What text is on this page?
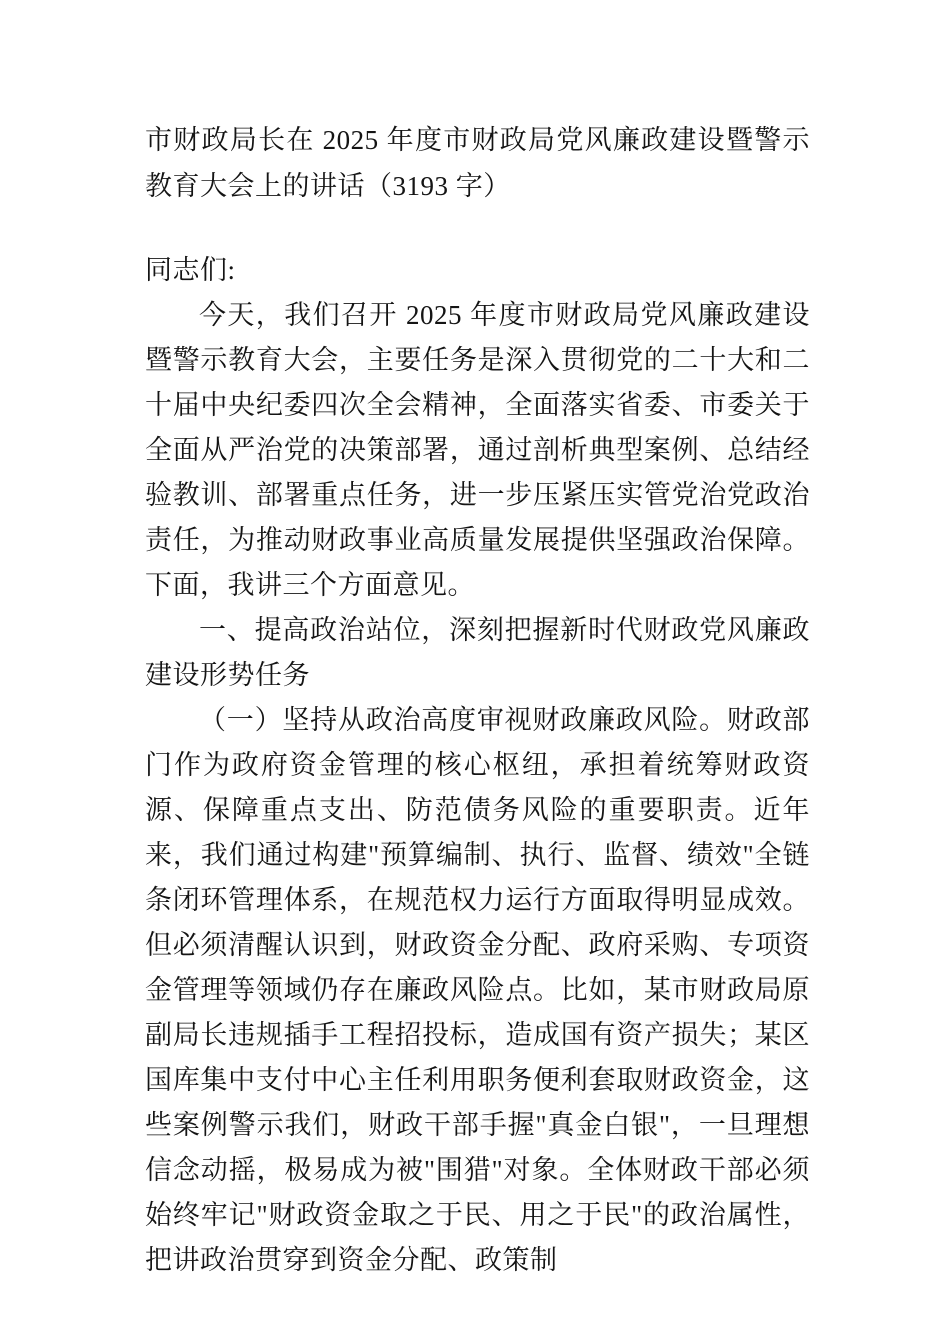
市财政局长在 2025 年度市财政局党风廉政建设暨警示教育大会上的讲话（3193 字）

同志们:

今天，我们召开 2025 年度市财政局党风廉政建设暨警示教育大会，主要任务是深入贯彻党的二十大和二十届中央纪委四次全会精神，全面落实省委、市委关于全面从严治党的决策部署，通过剖析典型案例、总结经验教训、部署重点任务，进一步压紧压实管党治党政治责任，为推动财政事业高质量发展提供坚强政治保障。下面，我讲三个方面意见。

一、提高政治站位，深刻把握新时代财政党风廉政建设形势任务

（一）坚持从政治高度审视财政廉政风险。财政部门作为政府资金管理的核心枢纽，承担着统筹财政资源、保障重点支出、防范债务风险的重要职责。近年来，我们通过构建"预算编制、执行、监督、绩效"全链条闭环管理体系，在规范权力运行方面取得明显成效。但必须清醒认识到，财政资金分配、政府采购、专项资金管理等领域仍存在廉政风险点。比如，某市财政局原副局长违规插手工程招投标，造成国有资产损失；某区国库集中支付中心主任利用职务便利套取财政资金，这些案例警示我们，财政干部手握"真金白银"，一旦理想信念动摇，极易成为被"围猎"对象。全体财政干部必须始终牢记"财政资金取之于民、用之于民"的政治属性，把讲政治贯穿到资金分配、政策制
